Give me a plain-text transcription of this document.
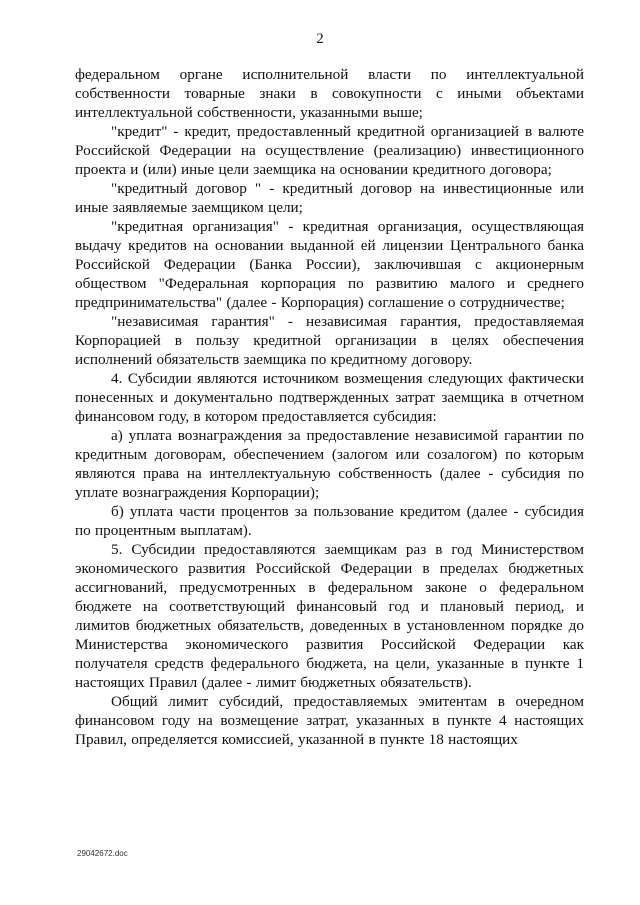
2

федеральном органе исполнительной власти по интеллектуальной собственности товарные знаки в совокупности с иными объектами интеллектуальной собственности, указанными выше;

"кредит" - кредит, предоставленный кредитной организацией в валюте Российской Федерации на осуществление (реализацию) инвестиционного проекта и (или) иные цели заемщика на основании кредитного договора;

"кредитный договор " - кредитный договор на инвестиционные или иные заявляемые заемщиком цели;

"кредитная организация" - кредитная организация, осуществляющая выдачу кредитов на основании выданной ей лицензии Центрального банка Российской Федерации (Банка России), заключившая с акционерным обществом "Федеральная корпорация по развитию малого и среднего предпринимательства" (далее - Корпорация) соглашение о сотрудничестве;

"независимая гарантия" - независимая гарантия, предоставляемая Корпорацией в пользу кредитной организации в целях обеспечения исполнений обязательств заемщика по кредитному договору.

4. Субсидии являются источником возмещения следующих фактически понесенных и документально подтвержденных затрат заемщика в отчетном финансовом году, в котором предоставляется субсидия:

а) уплата вознаграждения за предоставление независимой гарантии по кредитным договорам, обеспечением (залогом или созалогом) по которым являются права на интеллектуальную собственность (далее - субсидия по уплате вознаграждения Корпорации);

б) уплата части процентов за пользование кредитом (далее - субсидия по процентным выплатам).

5. Субсидии предоставляются заемщикам раз в год Министерством экономического развития Российской Федерации в пределах бюджетных ассигнований, предусмотренных в федеральном законе о федеральном бюджете на соответствующий финансовый год и плановый период, и лимитов бюджетных обязательств, доведенных в установленном порядке до Министерства экономического развития Российской Федерации как получателя средств федерального бюджета, на цели, указанные в пункте 1 настоящих Правил (далее - лимит бюджетных обязательств).

Общий лимит субсидий, предоставляемых эмитентам в очередном финансовом году на возмещение затрат, указанных в пункте 4 настоящих Правил, определяется комиссией, указанной в пункте 18 настоящих

29042672.doc
